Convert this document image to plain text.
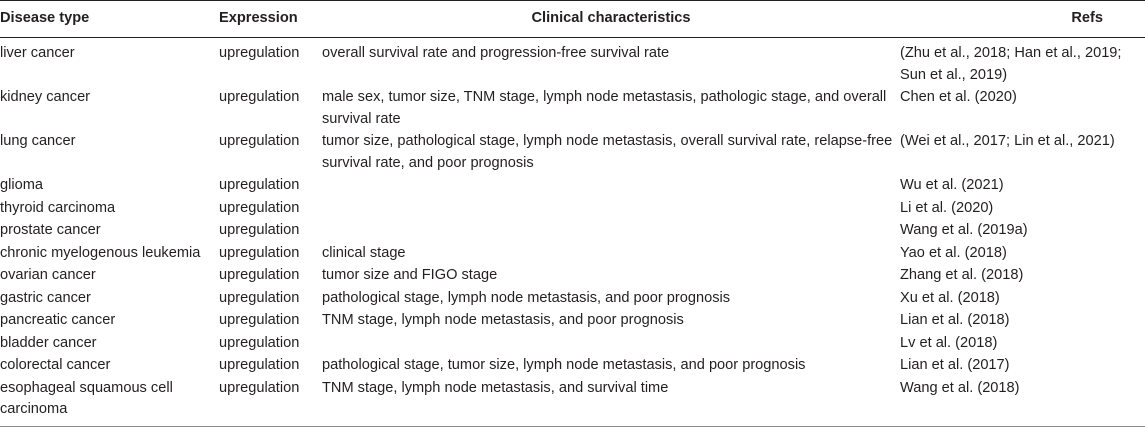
Disease type	Expression	Clinical characteristics	Refs
liver cancer	upregulation	overall survival rate and progression-free survival rate	(Zhu et al., 2018; Han et al., 2019; Sun et al., 2019)
kidney cancer	upregulation	male sex, tumor size, TNM stage, lymph node metastasis, pathologic stage, and overall survival rate	Chen et al. (2020)
lung cancer	upregulation	tumor size, pathological stage, lymph node metastasis, overall survival rate, relapse-free survival rate, and poor prognosis	(Wei et al., 2017; Lin et al., 2021)
glioma	upregulation		Wu et al. (2021)
thyroid carcinoma	upregulation		Li et al. (2020)
prostate cancer	upregulation		Wang et al. (2019a)
chronic myelogenous leukemia	upregulation	clinical stage	Yao et al. (2018)
ovarian cancer	upregulation	tumor size and FIGO stage	Zhang et al. (2018)
gastric cancer	upregulation	pathological stage, lymph node metastasis, and poor prognosis	Xu et al. (2018)
pancreatic cancer	upregulation	TNM stage, lymph node metastasis, and poor prognosis	Lian et al. (2018)
bladder cancer	upregulation		Lv et al. (2018)
colorectal cancer	upregulation	pathological stage, tumor size, lymph node metastasis, and poor prognosis	Lian et al. (2017)
esophageal squamous cell carcinoma	upregulation	TNM stage, lymph node metastasis, and survival time	Wang et al. (2018)
